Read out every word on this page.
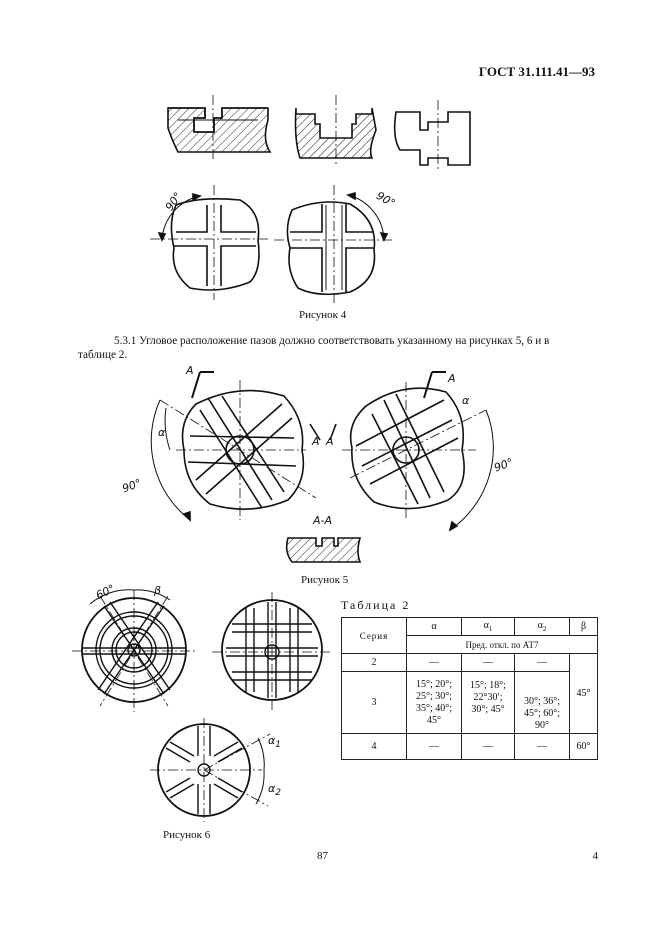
ГОСТ 31.111.41—93
90°	90°
Рисунок 4

5.3.1 Угловое расположение пазов должно соответствовать указанному на рисунках 5, 6 и в

таблице 2.
А
α
90°
А А
А
α
90°
А-А
Рисунок 5
60°	β
$\alpha_1$
$\alpha_2$
Рисунок 6
Таблица 2
Серия	α	$\alpha_1$	$\alpha_2$	β
	Пред. откл. по АТ7			
2	—	—	—	45°
3	15°; 20°; 25°; 30°; 35°; 40°; 45°	15°; 18°; 22°30′; 30°; 45°	30°; 36°; 45°; 60°; 90°	
4	—	—	—	60°
87	4
